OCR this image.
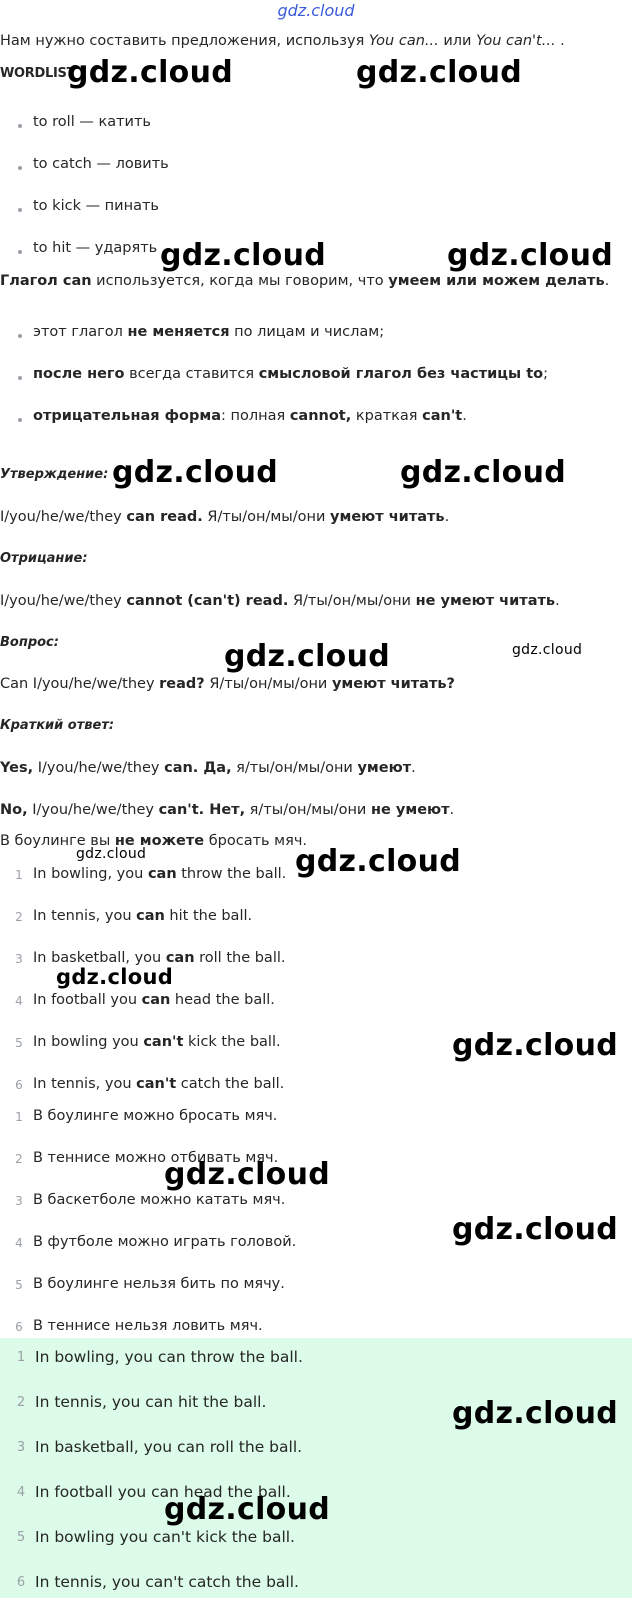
gdz.cloud
Нам нужно составить предложения, используя You can... или You can't... .
WORDLIST
to roll — катить
to catch — ловить
to kick — пинать
to hit — ударять
Глагол can используется, когда мы говорим, что умеем или можем делать.
этот глагол не меняется по лицам и числам;
после него всегда ставится смысловой глагол без частицы to;
отрицательная форма: полная cannot, краткая can't.
Утверждение:
I/you/he/we/they can read. Я/ты/он/мы/они умеют читать.
Отрицание:
I/you/he/we/they cannot (can't) read. Я/ты/он/мы/они не умеют читать.
Вопрос:
Can I/you/he/we/they read? Я/ты/он/мы/они умеют читать?
Краткий ответ:
Yes, I/you/he/we/they can. Да, я/ты/он/мы/они умеют.
No, I/you/he/we/they can't. Нет, я/ты/он/мы/они не умеют.
В боулинге вы не можете бросать мяч.
1 In bowling, you can throw the ball.
2 In tennis, you can hit the ball.
3 In basketball, you can roll the ball.
4 In football you can head the ball.
5 In bowling you can't kick the ball.
6 In tennis, you can't catch the ball.
1 В боулинге можно бросать мяч.
2 В теннисе можно отбивать мяч.
3 В баскетболе можно катать мяч.
4 В футболе можно играть головой.
5 В боулинге нельзя бить по мячу.
6 В теннисе нельзя ловить мяч.
1 In bowling, you can throw the ball.
2 In tennis, you can hit the ball.
3 In basketball, you can roll the ball.
4 In football you can head the ball.
5 In bowling you can't kick the ball.
6 In tennis, you can't catch the ball.
gdz.cloud	gdz.cloud
gdz.cloud	gdz.cloud
gdz.cloud	gdz.cloud
gdz.cloud	gdz.cloud
gdz.cloud	gdz.cloud
gdz.cloud
gdz.cloud
gdz.cloud
gdz.cloud
gdz.cloud
gdz.cloud
